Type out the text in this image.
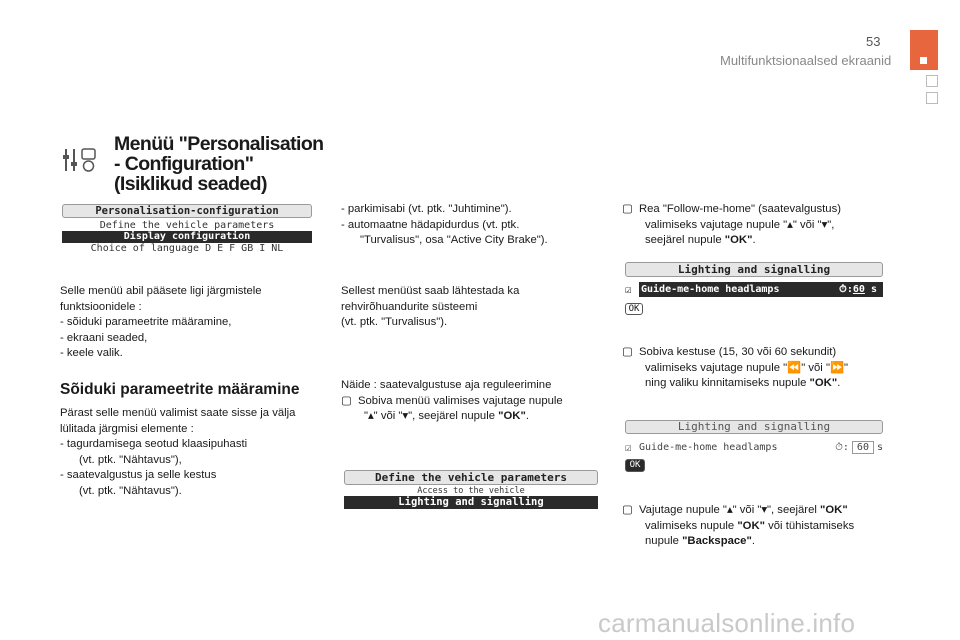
53
Multifunktsionaalsed ekraanid
Menüü "Personalisation - Configuration" (Isiklikud seaded)
Personalisation-configuration
Define the vehicle parameters
Display configuration
Choice of language D E F GB I NL
Selle menüü abil pääsete ligi järgmistele
funktsioonidele :
- sõiduki parameetrite määramine,
- ekraani seaded,
- keele valik.
Sõiduki parameetrite määramine
Pärast selle menüü valimist saate sisse ja välja
lülitada järgmisi elemente :
- tagurdamisega seotud klaasipuhasti
(vt. ptk. "Nähtavus"),
- saatevalgustus ja selle kestus
(vt. ptk. "Nähtavus").
- parkimisabi (vt. ptk. "Juhtimine").
- automaatne hädapidurdus (vt. ptk.
"Turvalisus", osa "Active City Brake").
Sellest menüüst saab lähtestada ka
rehvirõhuandurite süsteemi
(vt. ptk. "Turvalisus").
Näide : saatevalgustuse aja reguleerimine
▢ Sobiva menüü valimises vajutage nupule
"▴" või "▾", seejärel nupule "OK".
Define the vehicle parameters
Access to the vehicle
Lighting and signalling
▢ Rea "Follow-me-home" (saatevalgustus)
valimiseks vajutage nupule "▴" või "▾",
seejärel nupule "OK".
Lighting and signalling
☑ Guide-me-home headlamps	⏱:60 s
OK
▢ Sobiva kestuse (15, 30 või 60 sekundit)
valimiseks vajutage nupule "⏪" või "⏩"
ning valiku kinnitamiseks nupule "OK".
Lighting and signalling
☑ Guide-me-home headlamps	⏱ : 60 s
OK
▢ Vajutage nupule "▴" või "▾", seejärel "OK"
valimiseks nupule "OK" või tühistamiseks
nupule "Backspace".
carmanualsonline.info
